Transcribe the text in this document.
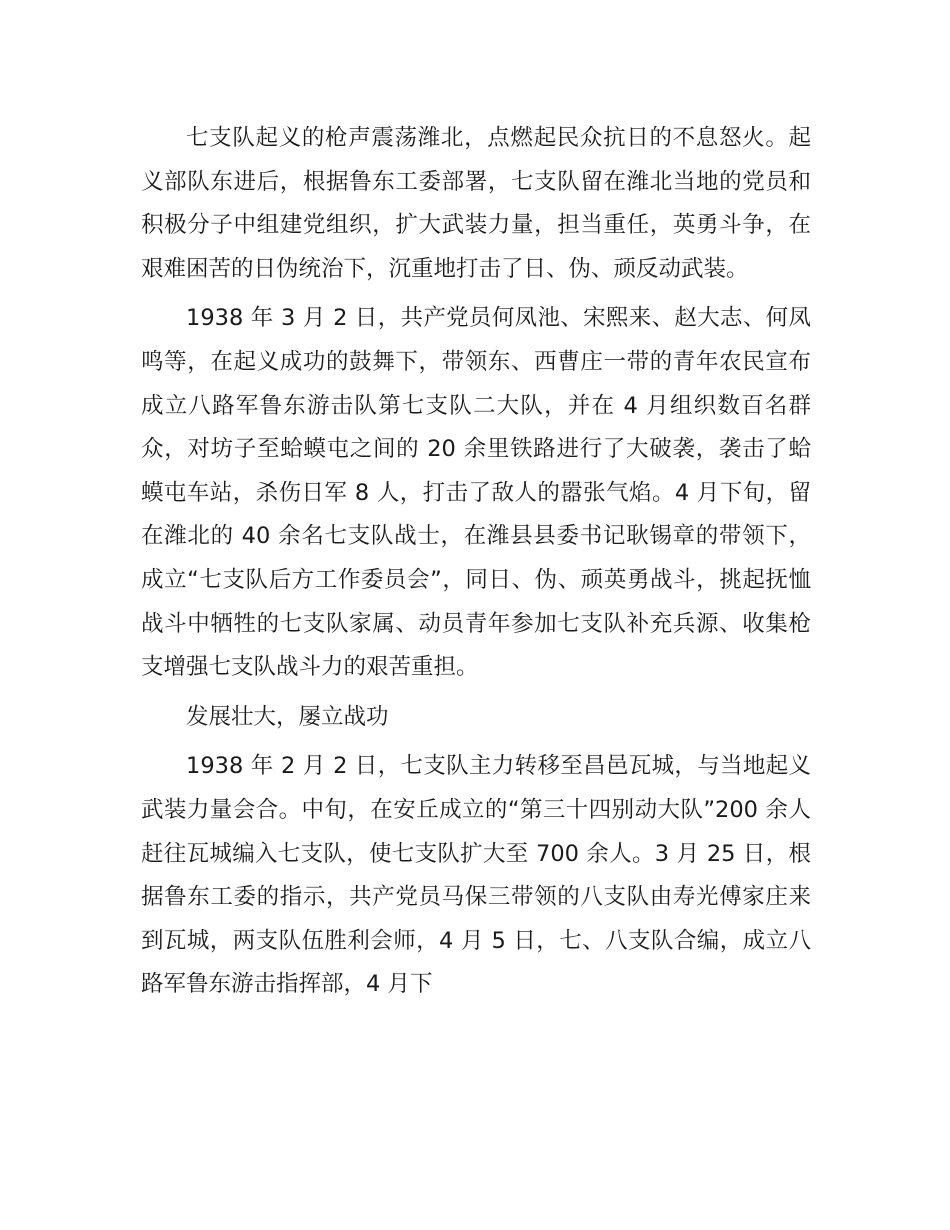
七支队起义的枪声震荡潍北，点燃起民众抗日的不息怒火。起义部队东进后，根据鲁东工委部署，七支队留在潍北当地的党员和积极分子中组建党组织，扩大武装力量，担当重任，英勇斗争，在艰难困苦的日伪统治下，沉重地打击了日、伪、顽反动武装。

1938 年 3 月 2 日，共产党员何凤池、宋熙来、赵大志、何凤鸣等，在起义成功的鼓舞下，带领东、西曹庄一带的青年农民宣布成立八路军鲁东游击队第七支队二大队，并在 4 月组织数百名群众，对坊子至蛤蟆屯之间的 20 余里铁路进行了大破袭，袭击了蛤蟆屯车站，杀伤日军 8 人，打击了敌人的嚣张气焰。4 月下旬，留在潍北的 40 余名七支队战士，在潍县县委书记耿锡章的带领下，成立“七支队后方工作委员会”，同日、伪、顽英勇战斗，挑起抚恤战斗中牺牲的七支队家属、动员青年参加七支队补充兵源、收集枪支增强七支队战斗力的艰苦重担。

发展壮大，屡立战功

1938 年 2 月 2 日，七支队主力转移至昌邑瓦城，与当地起义武装力量会合。中旬，在安丘成立的“第三十四别动大队”200 余人赶往瓦城编入七支队，使七支队扩大至 700 余人。3 月 25 日，根据鲁东工委的指示，共产党员马保三带领的八支队由寿光傅家庄来到瓦城，两支队伍胜利会师，4 月 5 日，七、八支队合编，成立八路军鲁东游击指挥部，4 月下
